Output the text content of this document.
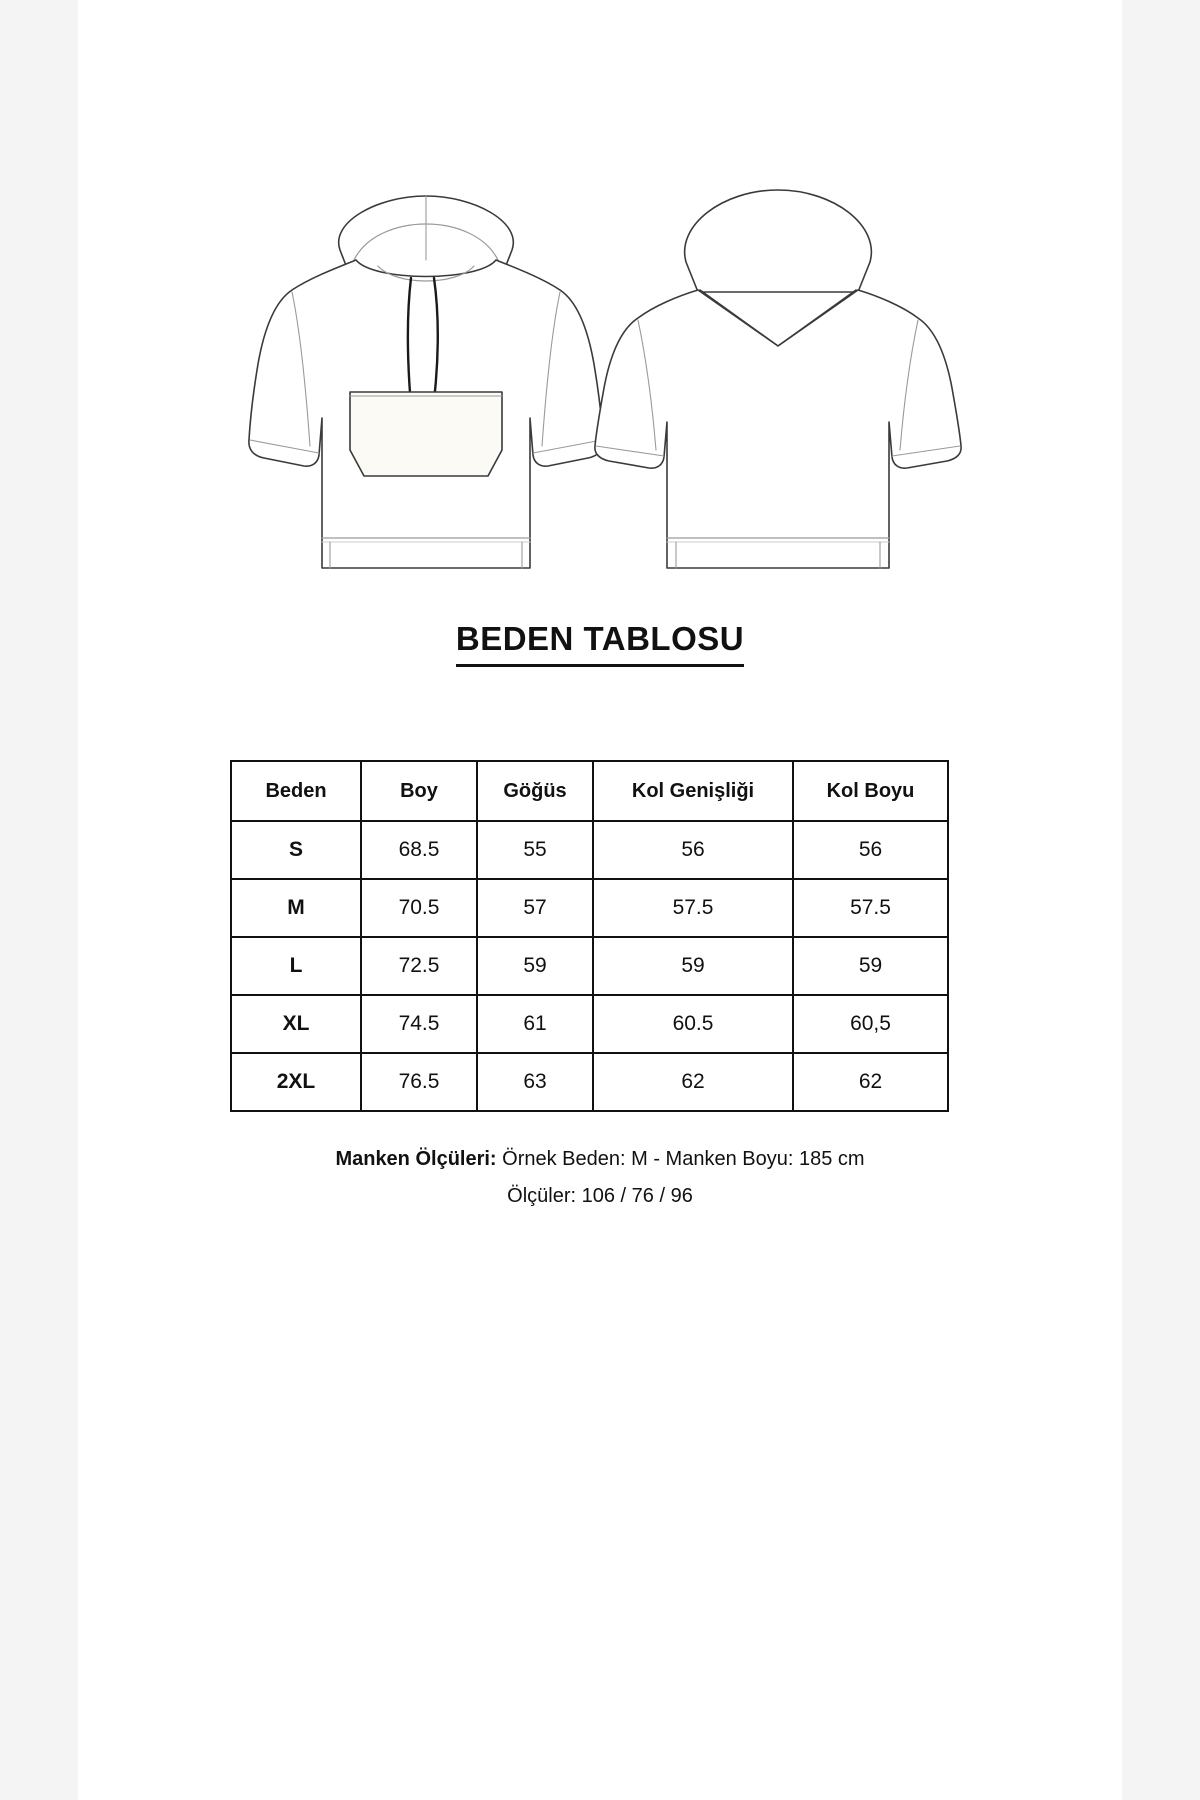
BEDEN TABLOSU
Beden	Boy	Göğüs	Kol Genişliği	Kol Boyu
S	68.5	55	56	56
M	70.5	57	57.5	57.5
L	72.5	59	59	59
XL	74.5	61	60.5	60,5
2XL	76.5	63	62	62
Manken Ölçüleri: Örnek Beden: M - Manken Boyu: 185 cm
Ölçüler: 106 / 76 / 96
